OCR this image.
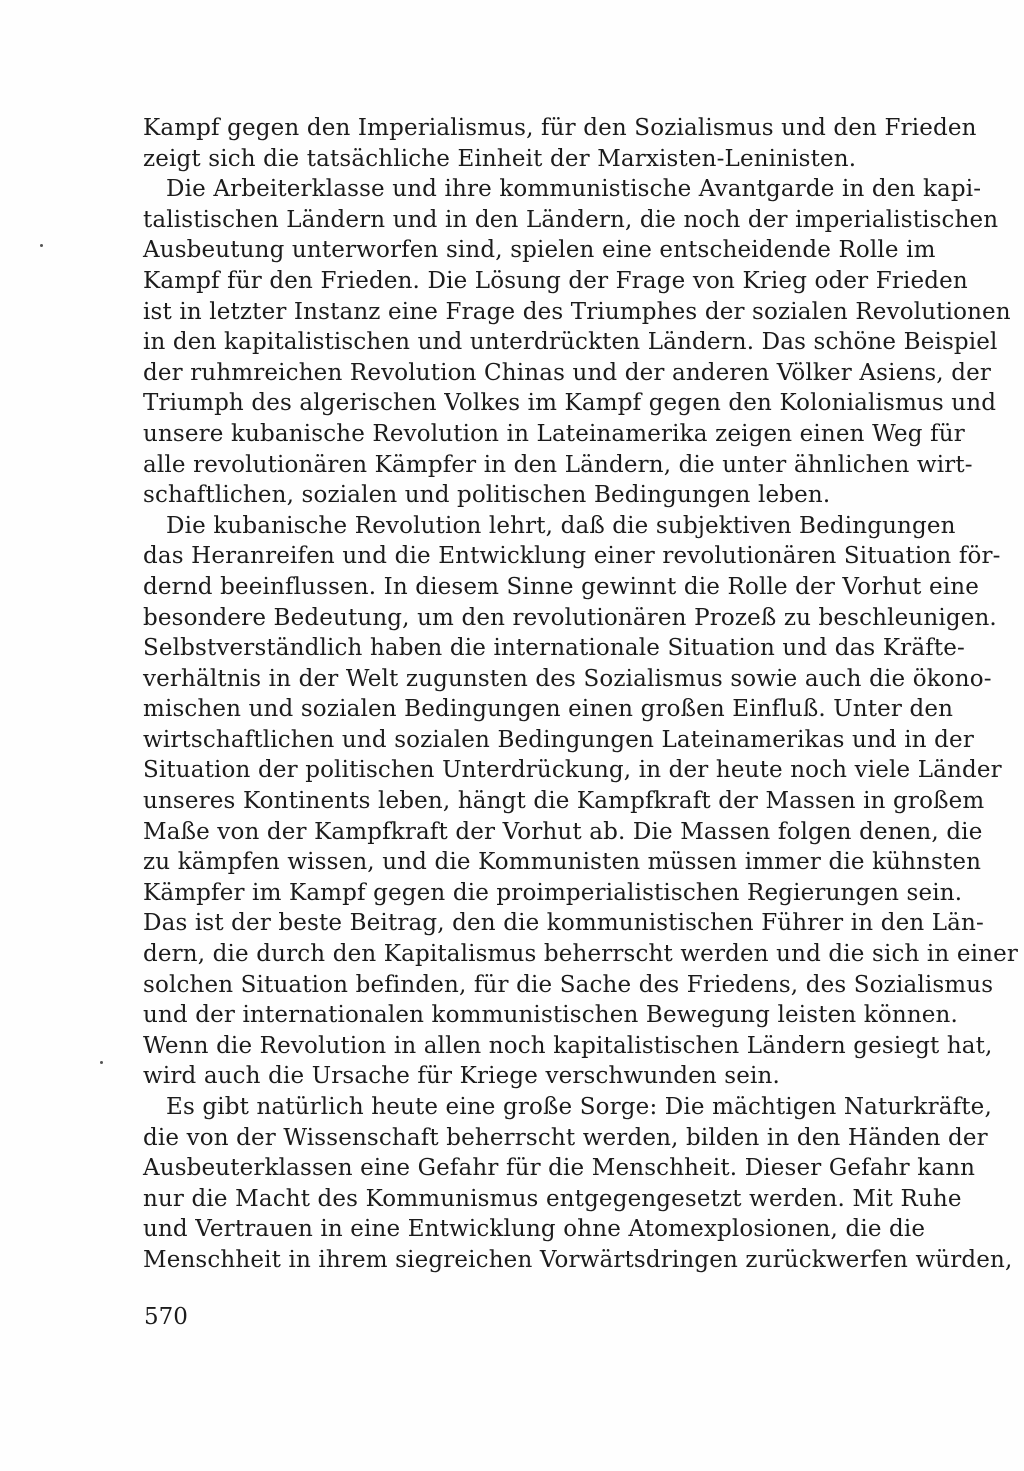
Kampf gegen den Imperialismus, für den Sozialismus und den Frieden
zeigt sich die tatsächliche Einheit der Marxisten-Leninisten.
Die Arbeiterklasse und ihre kommunistische Avantgarde in den kapi-
talistischen Ländern und in den Ländern, die noch der imperialistischen
Ausbeutung unterworfen sind, spielen eine entscheidende Rolle im
Kampf für den Frieden. Die Lösung der Frage von Krieg oder Frieden
ist in letzter Instanz eine Frage des Triumphes der sozialen Revolutionen
in den kapitalistischen und unterdrückten Ländern. Das schöne Beispiel
der ruhmreichen Revolution Chinas und der anderen Völker Asiens, der
Triumph des algerischen Volkes im Kampf gegen den Kolonialismus und
unsere kubanische Revolution in Lateinamerika zeigen einen Weg für
alle revolutionären Kämpfer in den Ländern, die unter ähnlichen wirt-
schaftlichen, sozialen und politischen Bedingungen leben.
Die kubanische Revolution lehrt, daß die subjektiven Bedingungen
das Heranreifen und die Entwicklung einer revolutionären Situation för-
dernd beeinflussen. In diesem Sinne gewinnt die Rolle der Vorhut eine
besondere Bedeutung, um den revolutionären Prozeß zu beschleunigen.
Selbstverständlich haben die internationale Situation und das Kräfte-
verhältnis in der Welt zugunsten des Sozialismus sowie auch die ökono-
mischen und sozialen Bedingungen einen großen Einfluß. Unter den
wirtschaftlichen und sozialen Bedingungen Lateinamerikas und in der
Situation der politischen Unterdrückung, in der heute noch viele Länder
unseres Kontinents leben, hängt die Kampfkraft der Massen in großem
Maße von der Kampfkraft der Vorhut ab. Die Massen folgen denen, die
zu kämpfen wissen, und die Kommunisten müssen immer die kühnsten
Kämpfer im Kampf gegen die proimperialistischen Regierungen sein.
Das ist der beste Beitrag, den die kommunistischen Führer in den Län-
dern, die durch den Kapitalismus beherrscht werden und die sich in einer
solchen Situation befinden, für die Sache des Friedens, des Sozialismus
und der internationalen kommunistischen Bewegung leisten können.
Wenn die Revolution in allen noch kapitalistischen Ländern gesiegt hat,
wird auch die Ursache für Kriege verschwunden sein.
Es gibt natürlich heute eine große Sorge: Die mächtigen Naturkräfte,
die von der Wissenschaft beherrscht werden, bilden in den Händen der
Ausbeuterklassen eine Gefahr für die Menschheit. Dieser Gefahr kann
nur die Macht des Kommunismus entgegengesetzt werden. Mit Ruhe
und Vertrauen in eine Entwicklung ohne Atomexplosionen, die die
Menschheit in ihrem siegreichen Vorwärtsdringen zurückwerfen würden,
570
